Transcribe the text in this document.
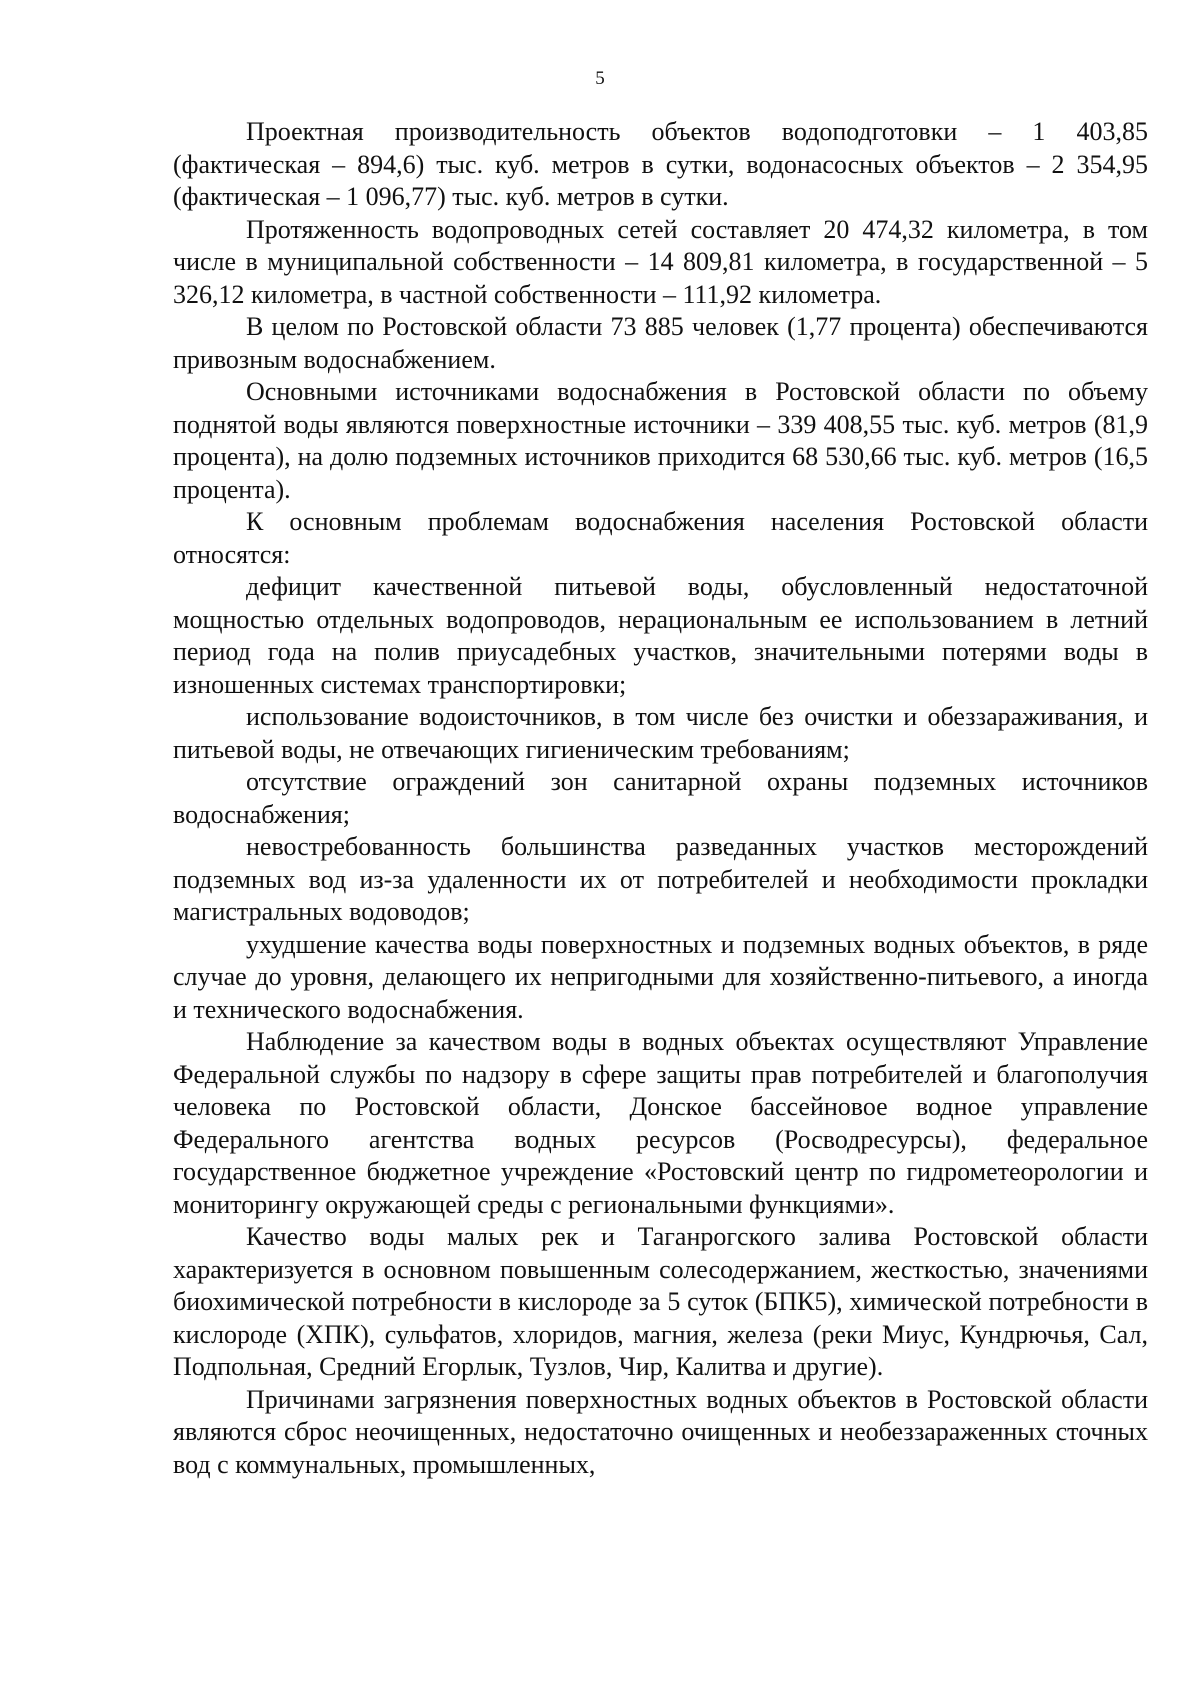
5

Проектная производительность объектов водоподготовки – 1 403,85 (фактическая – 894,6) тыс. куб. метров в сутки, водонасосных объектов – 2 354,95 (фактическая – 1 096,77) тыс. куб. метров в сутки.

Протяженность водопроводных сетей составляет 20 474,32 километра, в том числе в муниципальной собственности – 14 809,81 километра, в государственной – 5 326,12 километра, в частной собственности – 111,92 километра.

В целом по Ростовской области 73 885 человек (1,77 процента) обеспечиваются привозным водоснабжением.

Основными источниками водоснабжения в Ростовской области по объему поднятой воды являются поверхностные источники – 339 408,55 тыс. куб. метров (81,9 процента), на долю подземных источников приходится 68 530,66 тыс. куб. метров (16,5 процента).

К основным проблемам водоснабжения населения Ростовской области относятся:

дефицит качественной питьевой воды, обусловленный недостаточной мощностью отдельных водопроводов, нерациональным ее использованием в летний период года на полив приусадебных участков, значительными потерями воды в изношенных системах транспортировки;

использование водоисточников, в том числе без очистки и обеззараживания, и питьевой воды, не отвечающих гигиеническим требованиям;

отсутствие ограждений зон санитарной охраны подземных источников водоснабжения;

невостребованность большинства разведанных участков месторождений подземных вод из-за удаленности их от потребителей и необходимости прокладки магистральных водоводов;

ухудшение качества воды поверхностных и подземных водных объектов, в ряде случае до уровня, делающего их непригодными для хозяйственно-питьевого, а иногда и технического водоснабжения.

Наблюдение за качеством воды в водных объектах осуществляют Управление Федеральной службы по надзору в сфере защиты прав потребителей и благополучия человека по Ростовской области, Донское бассейновое водное управление Федерального агентства водных ресурсов (Росводресурсы), федеральное государственное бюджетное учреждение «Ростовский центр по гидрометеорологии и мониторингу окружающей среды с региональными функциями».

Качество воды малых рек и Таганрогского залива Ростовской области характеризуется в основном повышенным солесодержанием, жесткостью, значениями биохимической потребности в кислороде за 5 суток (БПК5), химической потребности в кислороде (ХПК), сульфатов, хлоридов, магния, железа (реки Миус, Кундрючья, Сал, Подпольная, Средний Егорлык, Тузлов, Чир, Калитва и другие).

Причинами загрязнения поверхностных водных объектов в Ростовской области являются сброс неочищенных, недостаточно очищенных и необеззараженных сточных вод с коммунальных, промышленных,
